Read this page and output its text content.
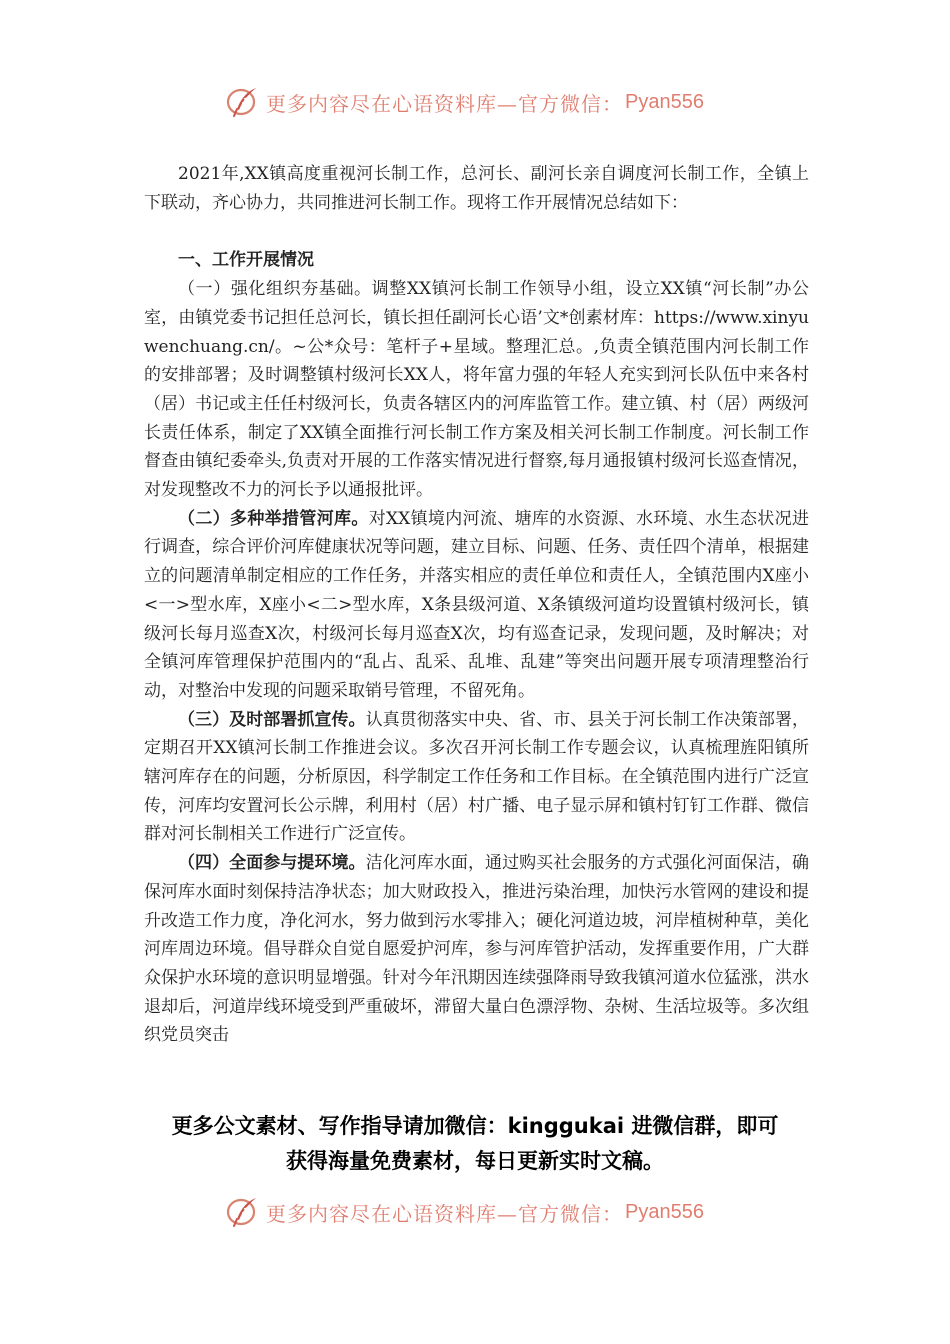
更多内容尽在心语资料库—官方微信： Pyan556

2021年,XX镇高度重视河长制工作，总河长、副河长亲自调度河长制工作，全镇上下联动，齐心协力，共同推进河长制工作。现将工作开展情况总结如下：

一、工作开展情况

（一）强化组织夯基础。调整XX镇河长制工作领导小组，设立XX镇“河长制”办公室，由镇党委书记担任总河长，镇长担任副河长心语’文*创素材库：https://www.xinyuwenchuang.cn/。~公*众号：笔杆子+星域。整理汇总。,负责全镇范围内河长制工作的安排部署；及时调整镇村级河长XX人，将年富力强的年轻人充实到河长队伍中来各村（居）书记或主任任村级河长，负责各辖区内的河库监管工作。建立镇、村（居）两级河长责任体系，制定了XX镇全面推行河长制工作方案及相关河长制工作制度。河长制工作督查由镇纪委牵头,负责对开展的工作落实情况进行督察,每月通报镇村级河长巡查情况，对发现整改不力的河长予以通报批评。

（二）多种举措管河库。对XX镇境内河流、塘库的水资源、水环境、水生态状况进行调查，综合评价河库健康状况等问题，建立目标、问题、任务、责任四个清单，根据建立的问题清单制定相应的工作任务，并落实相应的责任单位和责任人，全镇范围内X座小<一>型水库，X座小<二>型水库，X条县级河道、X条镇级河道均设置镇村级河长，镇级河长每月巡查X次，村级河长每月巡查X次，均有巡查记录，发现问题，及时解决；对全镇河库管理保护范围内的“乱占、乱采、乱堆、乱建”等突出问题开展专项清理整治行动，对整治中发现的问题采取销号管理，不留死角。

（三）及时部署抓宣传。认真贯彻落实中央、省、市、县关于河长制工作决策部署，定期召开XX镇河长制工作推进会议。多次召开河长制工作专题会议，认真梳理旌阳镇所辖河库存在的问题，分析原因，科学制定工作任务和工作目标。在全镇范围内进行广泛宣传，河库均安置河长公示牌，利用村（居）村广播、电子显示屏和镇村钉钉工作群、微信群对河长制相关工作进行广泛宣传。

（四）全面参与提环境。洁化河库水面，通过购买社会服务的方式强化河面保洁，确保河库水面时刻保持洁净状态；加大财政投入，推进污染治理，加快污水管网的建设和提升改造工作力度，净化河水，努力做到污水零排入；硬化河道边坡，河岸植树种草，美化河库周边环境。倡导群众自觉自愿爱护河库，参与河库管护活动，发挥重要作用，广大群众保护水环境的意识明显增强。针对今年汛期因连续强降雨导致我镇河道水位猛涨，洪水退却后，河道岸线环境受到严重破坏，滞留大量白色漂浮物、杂树、生活垃圾等。多次组织党员突击

更多公文素材、写作指导请加微信：kinggukai 进微信群，即可
获得海量免费素材，每日更新实时文稿。
更多内容尽在心语资料库—官方微信： Pyan556
